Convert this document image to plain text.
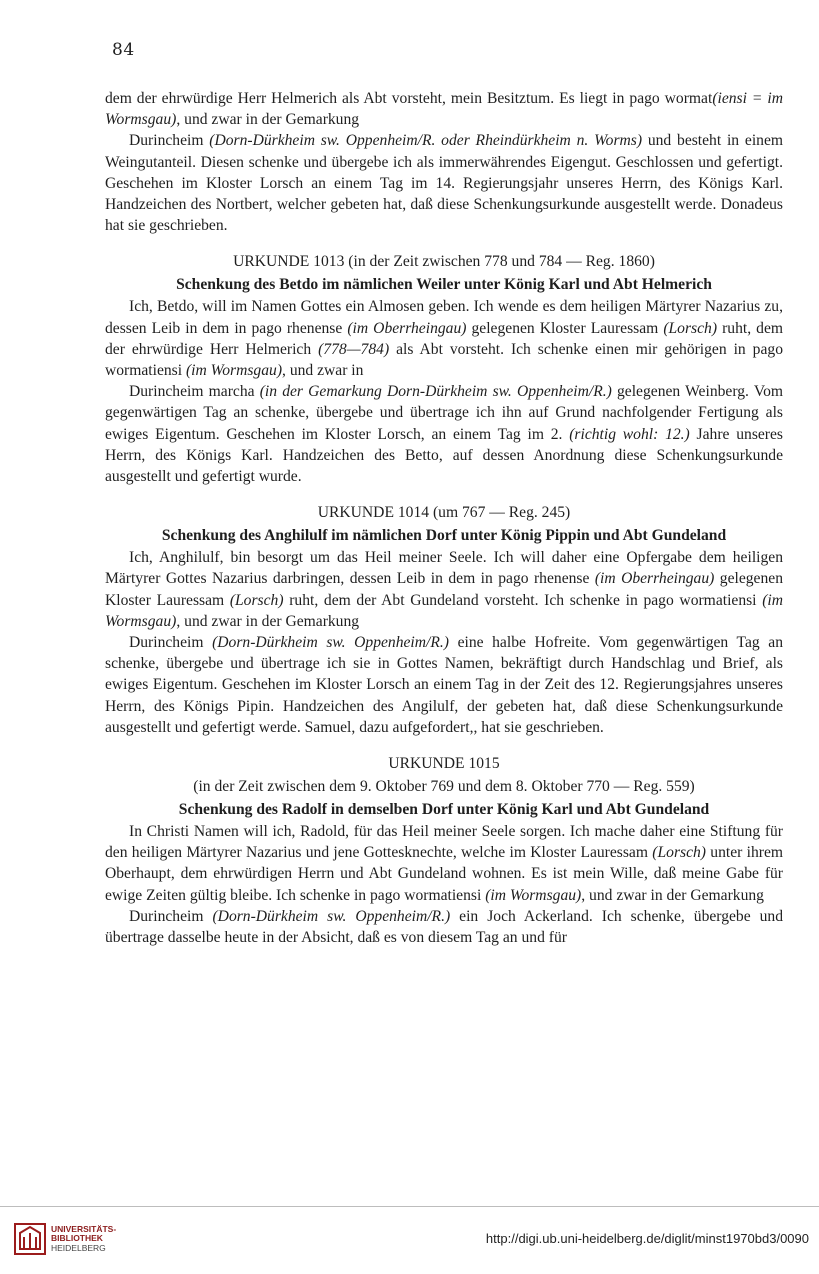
84

dem der ehrwürdige Herr Helmerich als Abt vorsteht, mein Besitztum. Es liegt in pago wormat(iensi = im Wormsgau), und zwar in der Gemarkung

Durincheim (Dorn-Dürkheim sw. Oppenheim/R. oder Rheindürkheim n. Worms) und besteht in einem Weingutanteil. Diesen schenke und übergebe ich als immerwährendes Eigengut. Geschlossen und gefertigt. Geschehen im Kloster Lorsch an einem Tag im 14. Regierungsjahr unseres Herrn, des Königs Karl. Handzeichen des Nortbert, welcher gebeten hat, daß diese Schenkungsurkunde ausgestellt werde. Donadeus hat sie geschrieben.

URKUNDE 1013 (in der Zeit zwischen 778 und 784 — Reg. 1860)

Schenkung des Betdo im nämlichen Weiler unter König Karl und Abt Helmerich

Ich, Betdo, will im Namen Gottes ein Almosen geben. Ich wende es dem heiligen Märtyrer Nazarius zu, dessen Leib in dem in pago rhenense (im Oberrheingau) gelegenen Kloster Lauressam (Lorsch) ruht, dem der ehrwürdige Herr Helmerich (778—784) als Abt vorsteht. Ich schenke einen mir gehörigen in pago wormatiensi (im Wormsgau), und zwar in

Durincheim marcha (in der Gemarkung Dorn-Dürkheim sw. Oppenheim/R.) gelegenen Weinberg. Vom gegenwärtigen Tag an schenke, übergebe und übertrage ich ihn auf Grund nachfolgender Fertigung als ewiges Eigentum. Geschehen im Kloster Lorsch, an einem Tag im 2. (richtig wohl: 12.) Jahre unseres Herrn, des Königs Karl. Handzeichen des Betto, auf dessen Anordnung diese Schenkungsurkunde ausgestellt und gefertigt wurde.

URKUNDE 1014 (um 767 — Reg. 245)

Schenkung des Anghilulf im nämlichen Dorf unter König Pippin und Abt Gundeland

Ich, Anghilulf, bin besorgt um das Heil meiner Seele. Ich will daher eine Opfergabe dem heiligen Märtyrer Gottes Nazarius darbringen, dessen Leib in dem in pago rhenense (im Oberrheingau) gelegenen Kloster Lauressam (Lorsch) ruht, dem der Abt Gundeland vorsteht. Ich schenke in pago wormatiensi (im Wormsgau), und zwar in der Gemarkung

Durincheim (Dorn-Dürkheim sw. Oppenheim/R.) eine halbe Hofreite. Vom gegenwärtigen Tag an schenke, übergebe und übertrage ich sie in Gottes Namen, bekräftigt durch Handschlag und Brief, als ewiges Eigentum. Geschehen im Kloster Lorsch an einem Tag in der Zeit des 12. Regierungsjahres unseres Herrn, des Königs Pipin. Handzeichen des Angilulf, der gebeten hat, daß diese Schenkungsurkunde ausgestellt und gefertigt werde. Samuel, dazu aufgefordert,, hat sie geschrieben.

URKUNDE 1015

(in der Zeit zwischen dem 9. Oktober 769 und dem 8. Oktober 770 — Reg. 559)

Schenkung des Radolf in demselben Dorf unter König Karl und Abt Gundeland

In Christi Namen will ich, Radold, für das Heil meiner Seele sorgen. Ich mache daher eine Stiftung für den heiligen Märtyrer Nazarius und jene Gottesknechte, welche im Kloster Lauressam (Lorsch) unter ihrem Oberhaupt, dem ehrwürdigen Herrn und Abt Gundeland wohnen. Es ist mein Wille, daß meine Gabe für ewige Zeiten gültig bleibe. Ich schenke in pago wormatiensi (im Wormsgau), und zwar in der Gemarkung

Durincheim (Dorn-Dürkheim sw. Oppenheim/R.) ein Joch Ackerland. Ich schenke, übergebe und übertrage dasselbe heute in der Absicht, daß es von diesem Tag an und für

UNIVERSITÄTS-
BIBLIOTHEK
HEIDELBERG
http://digi.ub.uni-heidelberg.de/diglit/minst1970bd3/0090
